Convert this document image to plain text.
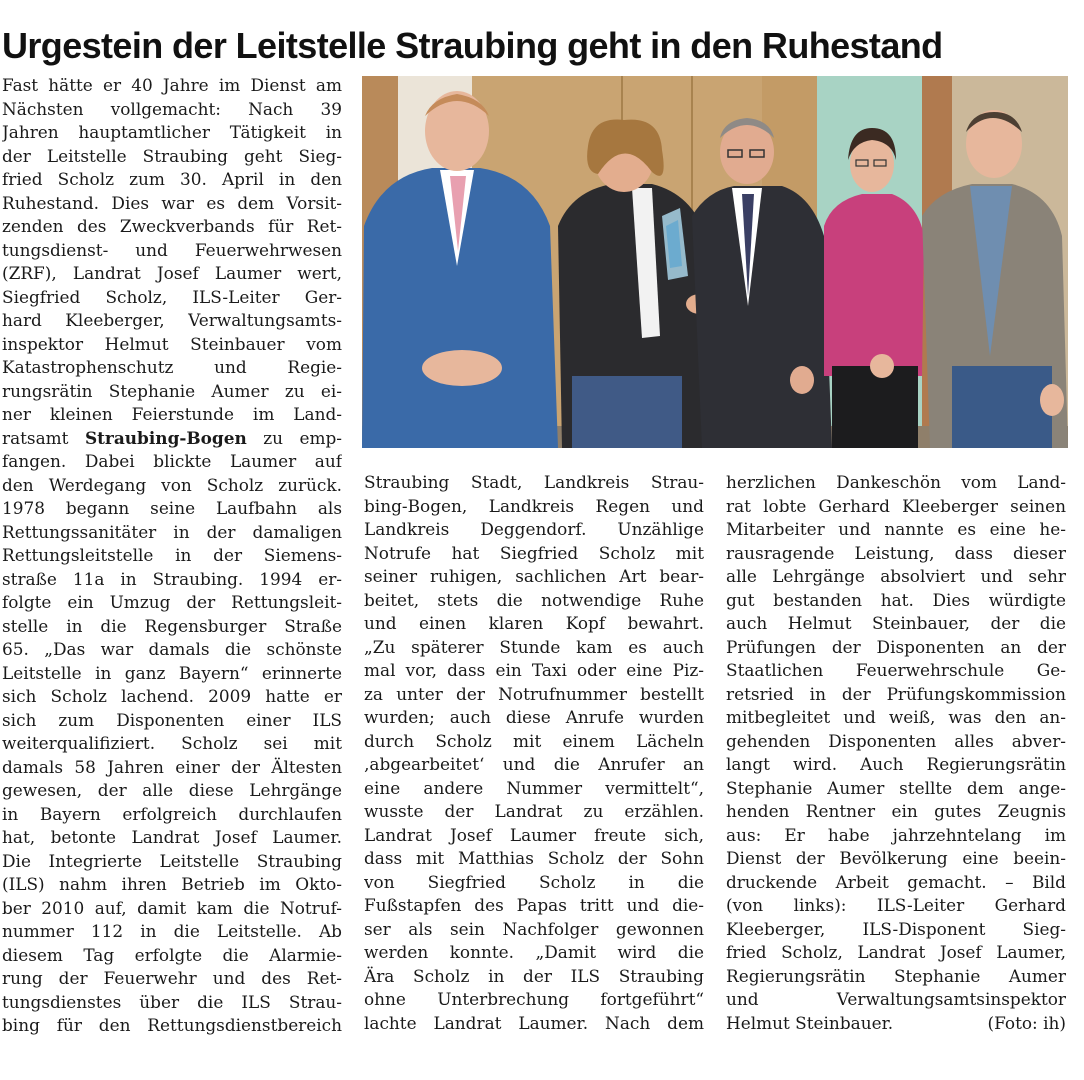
Urgestein der Leitstelle Straubing geht in den Ruhestand
Fast hätte er 40 Jahre im Dienst am
Nächsten vollgemacht: Nach 39
Jahren hauptamtlicher Tätigkeit in
der Leitstelle Straubing geht Sieg-
fried Scholz zum 30. April in den
Ruhestand. Dies war es dem Vorsit-
zenden des Zweckverbands für Ret-
tungsdienst- und Feuerwehrwesen
(ZRF), Landrat Josef Laumer wert,
Siegfried Scholz, ILS-Leiter Ger-
hard Kleeberger, Verwaltungsamts-
inspektor Helmut Steinbauer vom
Katastrophenschutz und Regie-
rungsrätin Stephanie Aumer zu ei-
ner kleinen Feierstunde im Land-
ratsamt Straubing-Bogen zu emp-
fangen. Dabei blickte Laumer auf
den Werdegang von Scholz zurück.
1978 begann seine Laufbahn als
Rettungssanitäter in der damaligen
Rettungsleitstelle in der Siemens-
straße 11a in Straubing. 1994 er-
folgte ein Umzug der Rettungsleit-
stelle in die Regensburger Straße
65. „Das war damals die schönste
Leitstelle in ganz Bayern“ erinnerte
sich Scholz lachend. 2009 hatte er
sich zum Disponenten einer ILS
weiterqualifiziert. Scholz sei mit
damals 58 Jahren einer der Ältesten
gewesen, der alle diese Lehrgänge
in Bayern erfolgreich durchlaufen
hat, betonte Landrat Josef Laumer.
Die Integrierte Leitstelle Straubing
(ILS) nahm ihren Betrieb im Okto-
ber 2010 auf, damit kam die Notruf-
nummer 112 in die Leitstelle. Ab
diesem Tag erfolgte die Alarmie-
rung der Feuerwehr und des Ret-
tungsdienstes über die ILS Strau-
bing für den Rettungsdienstbereich
Straubing Stadt, Landkreis Strau-
bing-Bogen, Landkreis Regen und
Landkreis Deggendorf. Unzählige
Notrufe hat Siegfried Scholz mit
seiner ruhigen, sachlichen Art bear-
beitet, stets die notwendige Ruhe
und einen klaren Kopf bewahrt.
„Zu späterer Stunde kam es auch
mal vor, dass ein Taxi oder eine Piz-
za unter der Notrufnummer bestellt
wurden; auch diese Anrufe wurden
durch Scholz mit einem Lächeln
‚abgearbeitet‘ und die Anrufer an
eine andere Nummer vermittelt“,
wusste der Landrat zu erzählen.
Landrat Josef Laumer freute sich,
dass mit Matthias Scholz der Sohn
von Siegfried Scholz in die
Fußstapfen des Papas tritt und die-
ser als sein Nachfolger gewonnen
werden konnte. „Damit wird die
Ära Scholz in der ILS Straubing
ohne Unterbrechung fortgeführt“
lachte Landrat Laumer. Nach dem
herzlichen Dankeschön vom Land-
rat lobte Gerhard Kleeberger seinen
Mitarbeiter und nannte es eine he-
rausragende Leistung, dass dieser
alle Lehrgänge absolviert und sehr
gut bestanden hat. Dies würdigte
auch Helmut Steinbauer, der die
Prüfungen der Disponenten an der
Staatlichen Feuerwehrschule Ge-
retsried in der Prüfungskommission
mitbegleitet und weiß, was den an-
gehenden Disponenten alles abver-
langt wird. Auch Regierungsrätin
Stephanie Aumer stellte dem ange-
henden Rentner ein gutes Zeugnis
aus: Er habe jahrzehntelang im
Dienst der Bevölkerung eine beein-
druckende Arbeit gemacht. – Bild
(von links): ILS-Leiter Gerhard
Kleeberger, ILS-Disponent Sieg-
fried Scholz, Landrat Josef Laumer,
Regierungsrätin Stephanie Aumer
und Verwaltungsamtsinspektor
Helmut Steinbauer.	(Foto: ih)
